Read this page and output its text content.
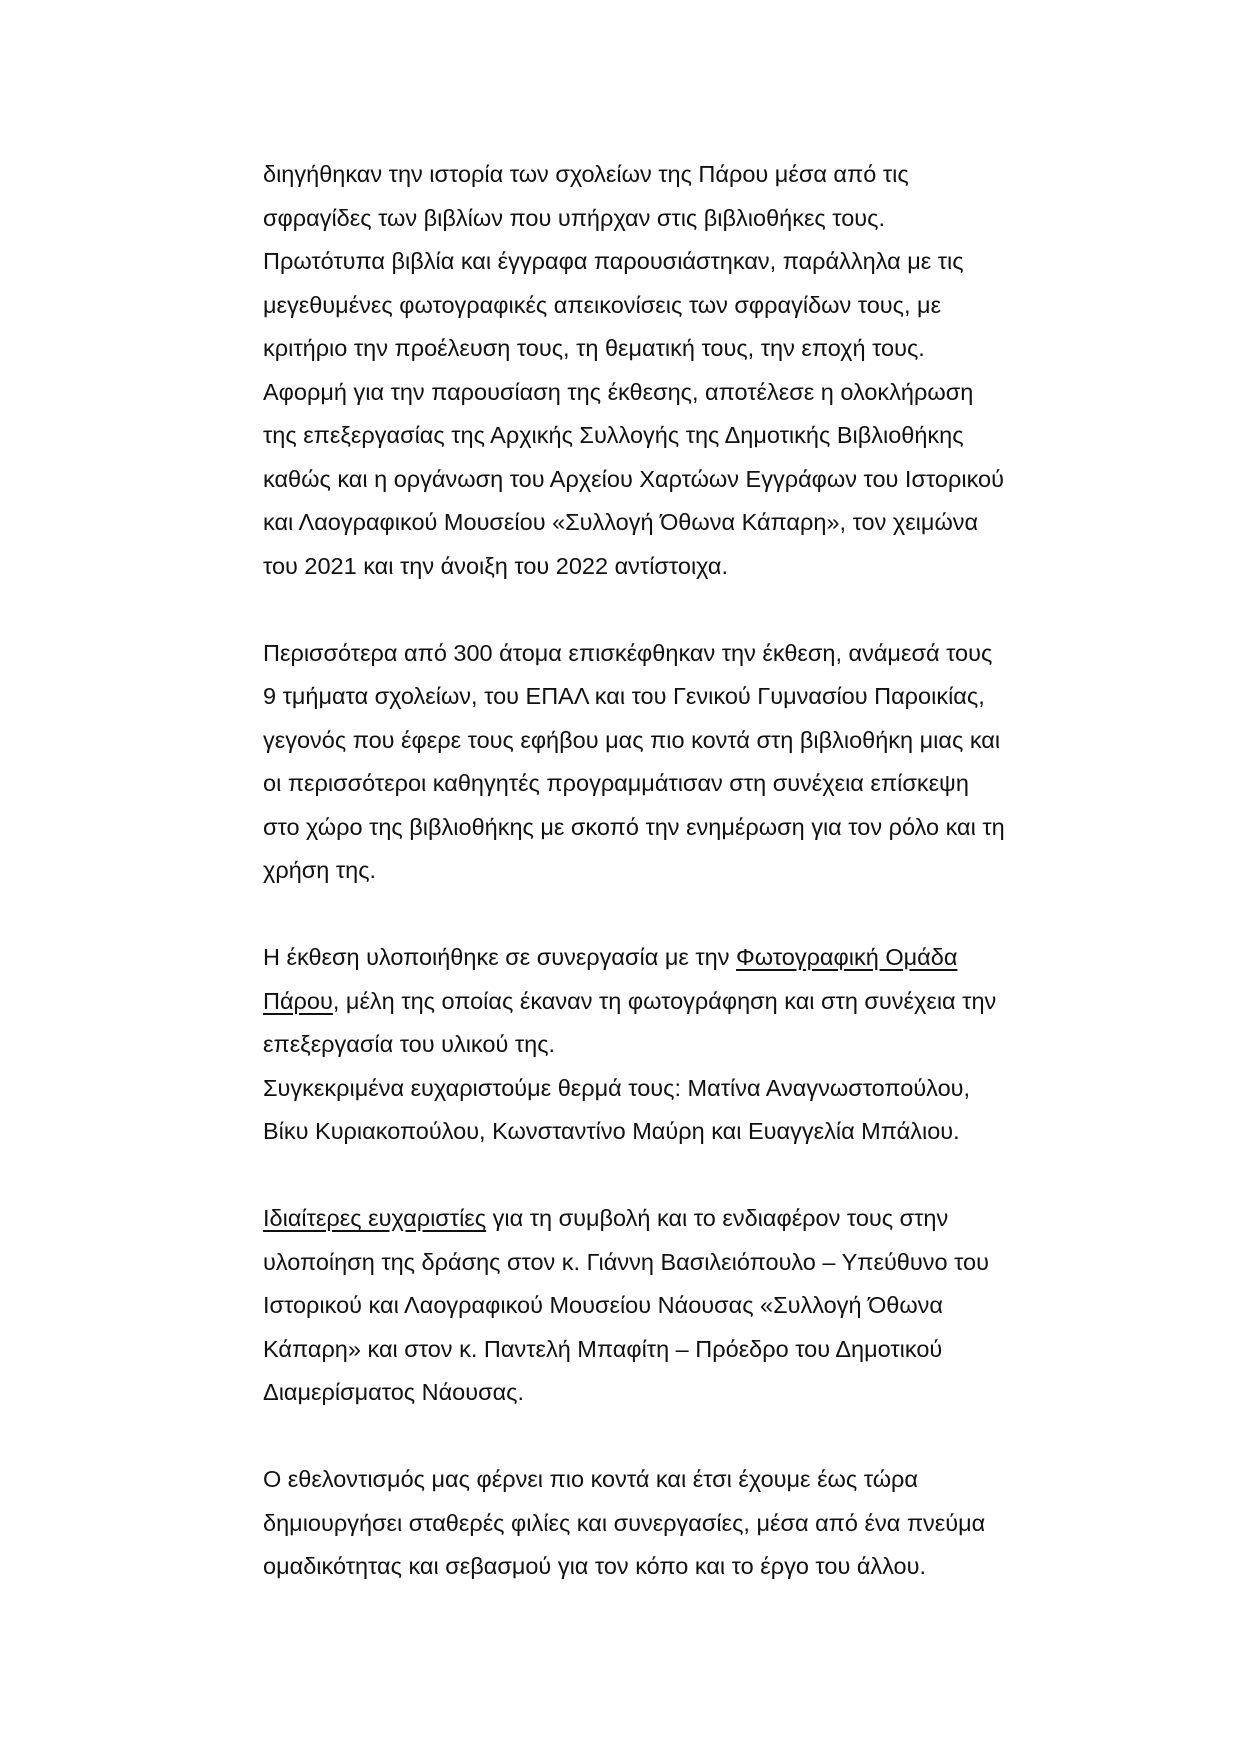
διηγήθηκαν την ιστορία των σχολείων της Πάρου μέσα από τις
σφραγίδες των βιβλίων που υπήρχαν στις βιβλιοθήκες τους.
Πρωτότυπα βιβλία και έγγραφα παρουσιάστηκαν, παράλληλα με τις
μεγεθυμένες φωτογραφικές απεικονίσεις των σφραγίδων τους, με
κριτήριο την προέλευση τους, τη θεματική τους, την εποχή τους.
Αφορμή για την παρουσίαση της έκθεσης, αποτέλεσε η ολοκλήρωση
της επεξεργασίας της Αρχικής Συλλογής της Δημοτικής Βιβλιοθήκης
καθώς και η οργάνωση του Αρχείου Χαρτώων Εγγράφων του Ιστορικού
και Λαογραφικού Μουσείου «Συλλογή Όθωνα Κάπαρη», τον χειμώνα
του 2021 και την άνοιξη του 2022 αντίστοιχα.

Περισσότερα από 300 άτομα επισκέφθηκαν την έκθεση, ανάμεσά τους
9 τμήματα σχολείων, του ΕΠΑΛ και του Γενικού Γυμνασίου Παροικίας,
γεγονός που έφερε τους εφήβου μας πιο κοντά στη βιβλιοθήκη μιας και
οι περισσότεροι καθηγητές προγραμμάτισαν στη συνέχεια επίσκεψη
στο χώρο της βιβλιοθήκης με σκοπό την ενημέρωση για τον ρόλο και τη
χρήση της.

Η έκθεση υλοποιήθηκε σε συνεργασία με την Φωτογραφική Ομάδα
Πάρου, μέλη της οποίας έκαναν τη φωτογράφηση και στη συνέχεια την
επεξεργασία του υλικού της.
Συγκεκριμένα ευχαριστούμε θερμά τους: Ματίνα Αναγνωστοπούλου,
Βίκυ Κυριακοπούλου, Κωνσταντίνο Μαύρη και Ευαγγελία Μπάλιου.

Ιδιαίτερες ευχαριστίες για τη συμβολή και το ενδιαφέρον τους στην
υλοποίηση της δράσης στον κ. Γιάννη Βασιλειόπουλο – Υπεύθυνο του
Ιστορικού και Λαογραφικού Μουσείου Νάουσας «Συλλογή Όθωνα
Κάπαρη» και στον κ. Παντελή Μπαφίτη – Πρόεδρο του Δημοτικού
Διαμερίσματος Νάουσας.

Ο εθελοντισμός μας φέρνει πιο κοντά και έτσι έχουμε έως τώρα
δημιουργήσει σταθερές φιλίες και συνεργασίες, μέσα από ένα πνεύμα
ομαδικότητας και σεβασμού για τον κόπο και το έργο του άλλου.
